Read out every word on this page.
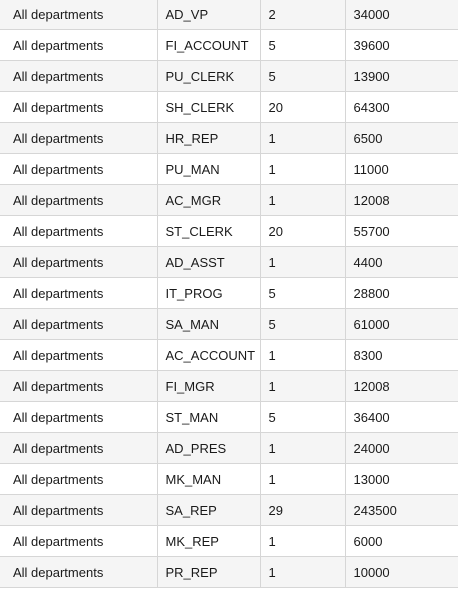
All departments	AD_VP	2	34000
All departments	FI_ACCOUNT	5	39600
All departments	PU_CLERK	5	13900
All departments	SH_CLERK	20	64300
All departments	HR_REP	1	6500
All departments	PU_MAN	1	11000
All departments	AC_MGR	1	12008
All departments	ST_CLERK	20	55700
All departments	AD_ASST	1	4400
All departments	IT_PROG	5	28800
All departments	SA_MAN	5	61000
All departments	AC_ACCOUNT	1	8300
All departments	FI_MGR	1	12008
All departments	ST_MAN	5	36400
All departments	AD_PRES	1	24000
All departments	MK_MAN	1	13000
All departments	SA_REP	29	243500
All departments	MK_REP	1	6000
All departments	PR_REP	1	10000
